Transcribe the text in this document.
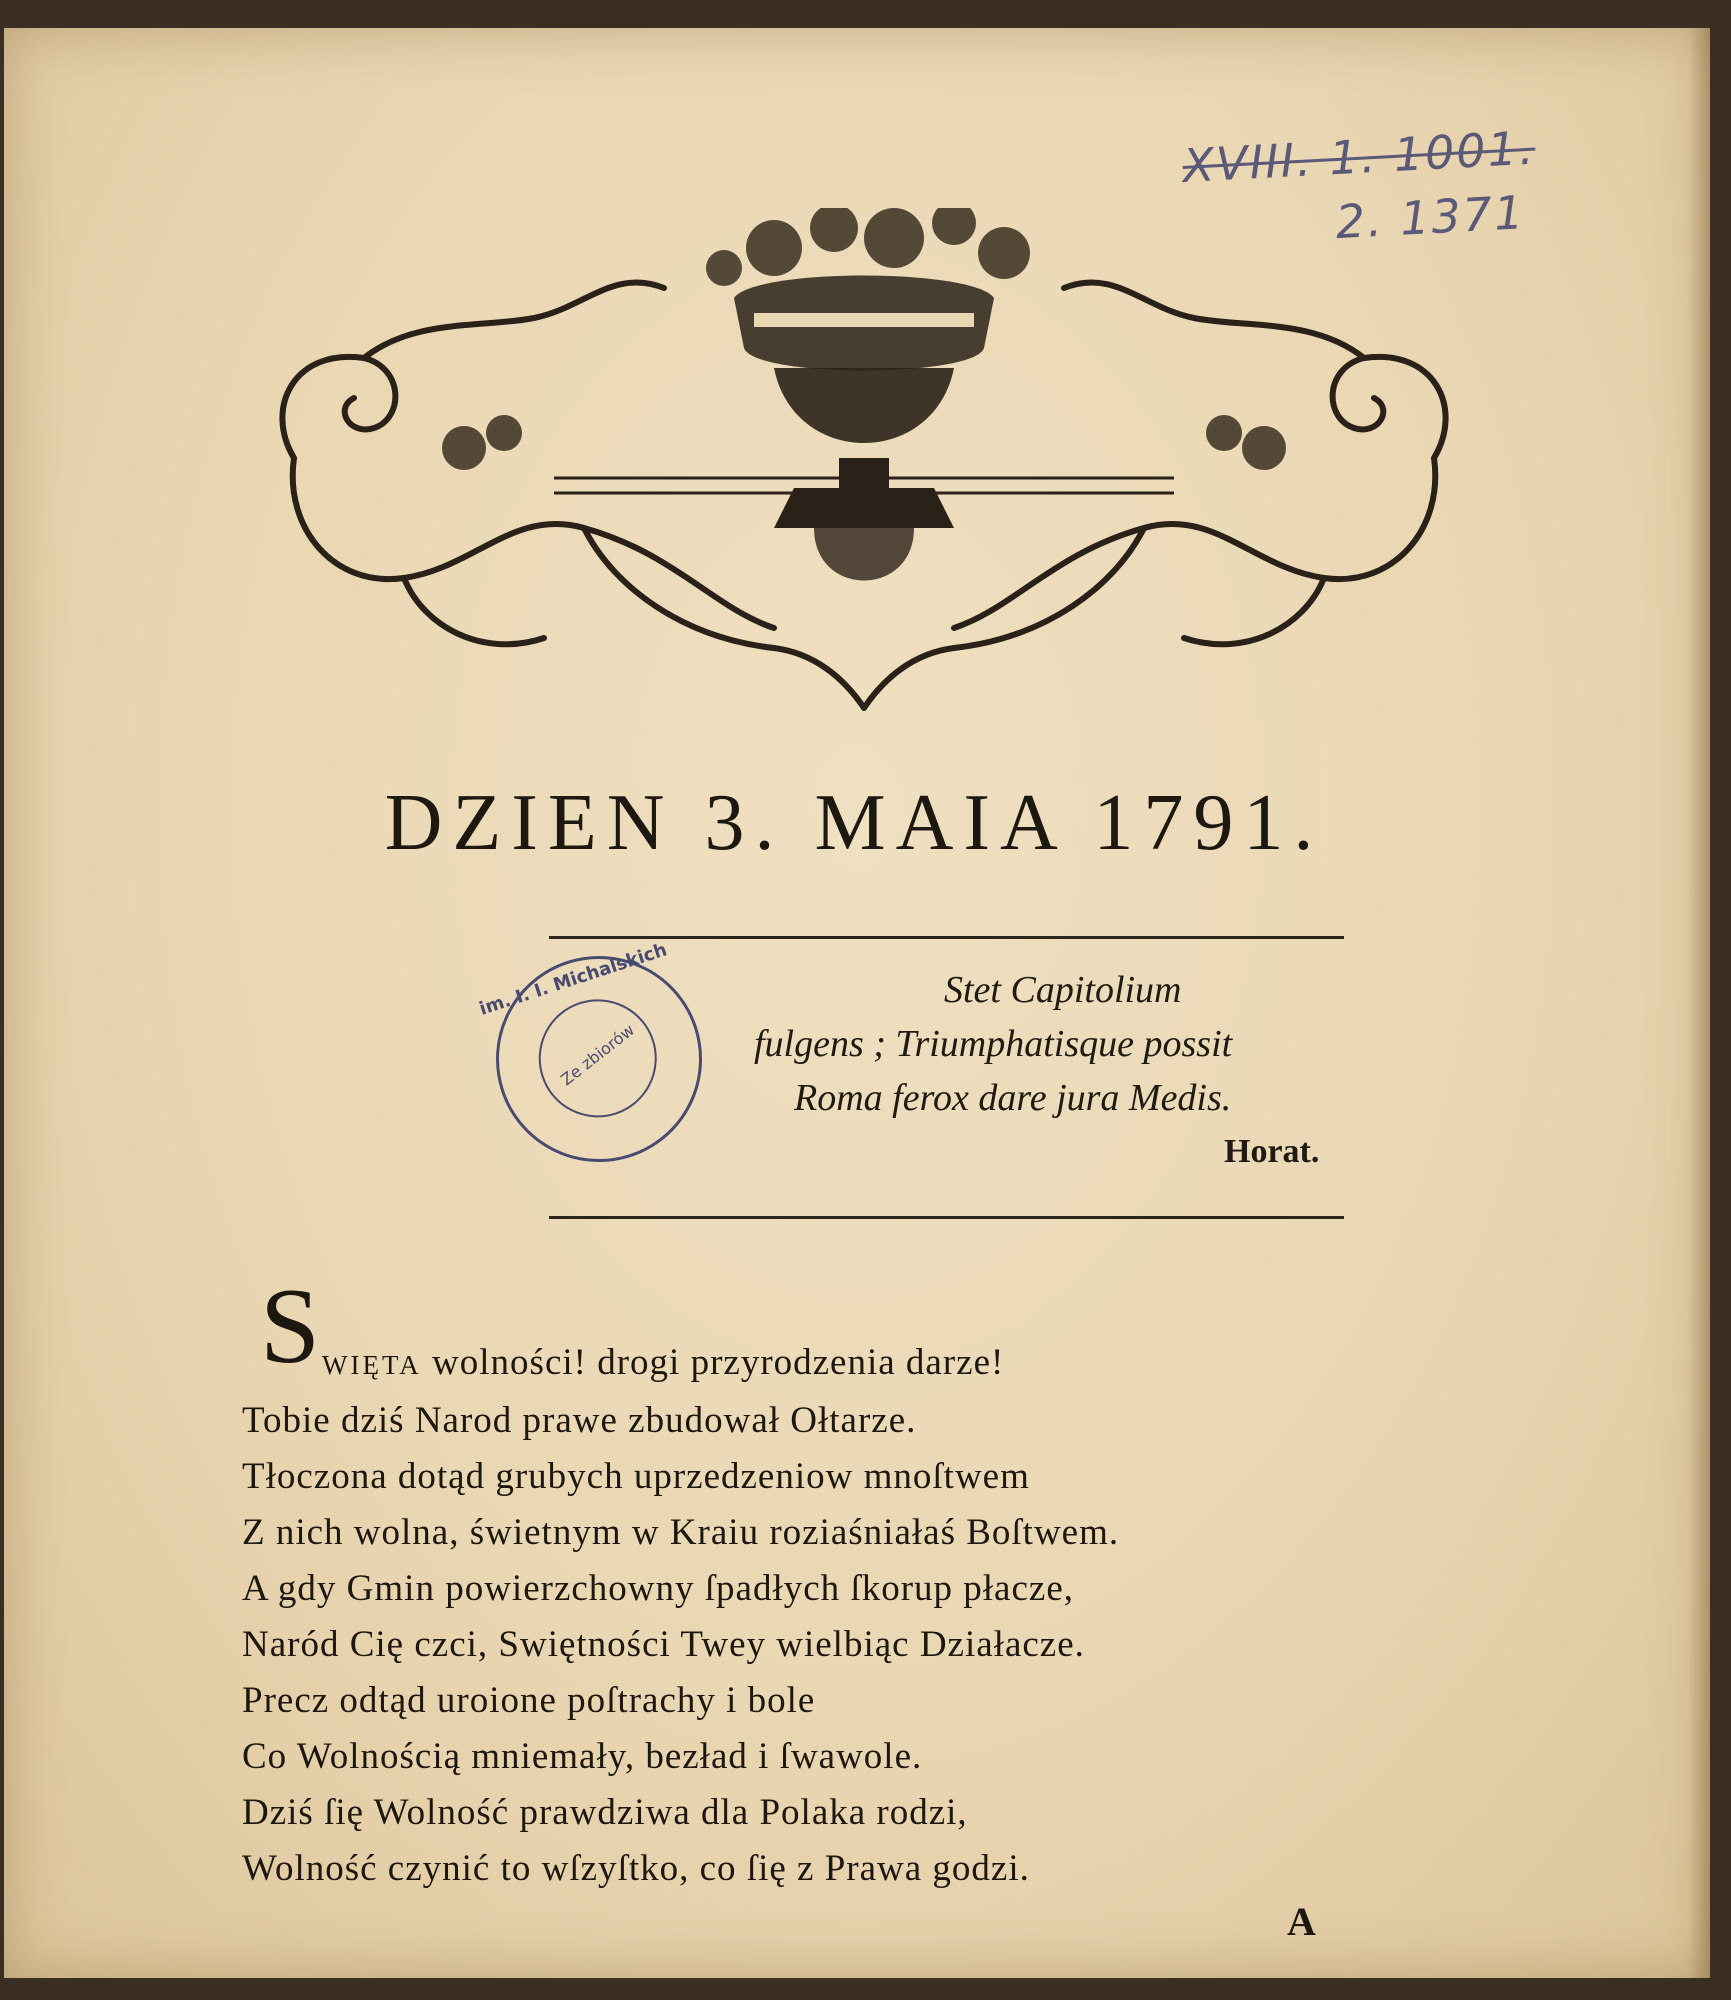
XVIII. 1. 1001.
2. 1371
DZIEN 3. MAIA 1791.
im. I. I. Michalskich
Ze zbiorów
Stet Capitolium
fulgens ; Triumphatisque possit
Roma ferox dare jura Medis.
Horat.
S WIĘTA wolności! drogi przyrodzenia darze!
Tobie dziś Narod prawe zbudował Ołtarze.
Tłoczona dotąd grubych uprzedzeniow mnoſtwem
Z nich wolna, świetnym w Kraiu roziaśniałaś Boſtwem.
A gdy Gmin powierzchowny ſpadłych ſkorup płacze,
Naród Cię czci, Swiętności Twey wielbiąc Działacze.
Precz odtąd uroione poſtrachy i bole
Co Wolnością mniemały, bezład i ſwawole.
Dziś ſię Wolność prawdziwa dla Polaka rodzi,
Wolność czynić to wſzyſtko, co ſię z Prawa godzi.
A
